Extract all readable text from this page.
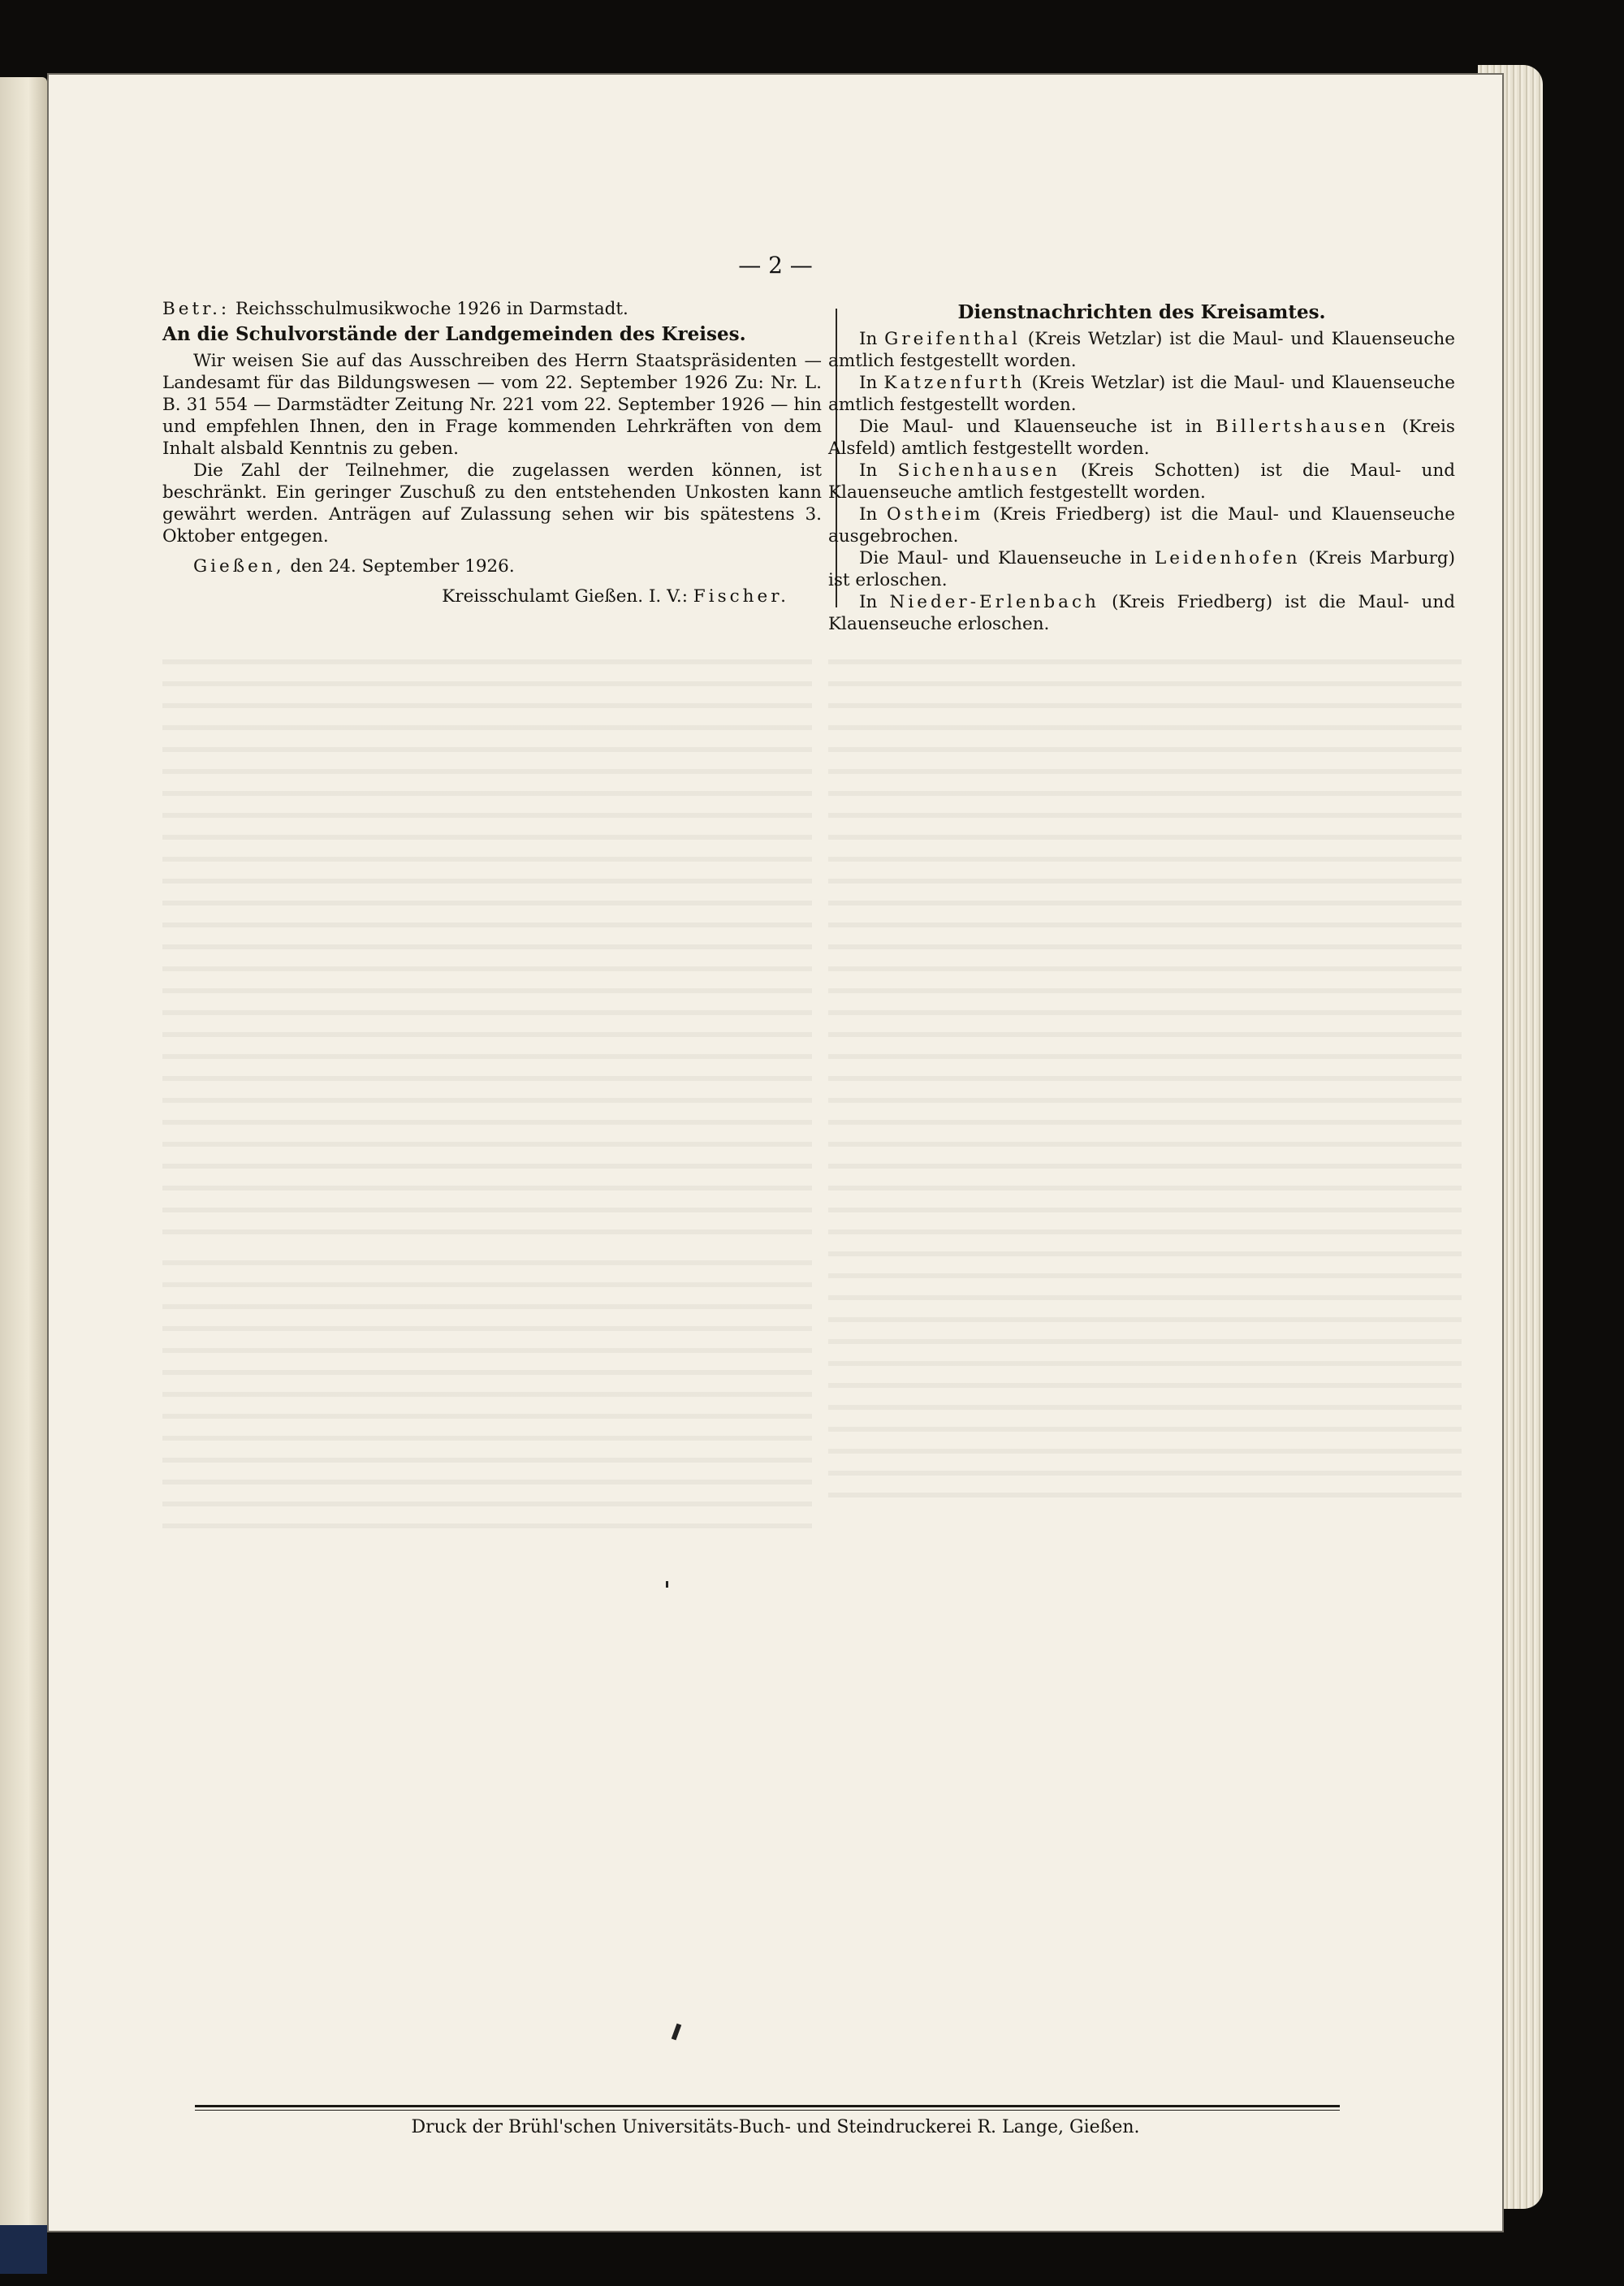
— 2 —

Betr.: Reichsschulmusikwoche 1926 in Darmstadt.

An die Schulvorstände der Landgemeinden des Kreises.

Wir weisen Sie auf das Ausschreiben des Herrn Staatspräsidenten — Landesamt für das Bildungswesen — vom 22. September 1926 Zu: Nr. L. B. 31 554 — Darmstädter Zeitung Nr. 221 vom 22. September 1926 — hin und empfehlen Ihnen, den in Frage kommenden Lehrkräften von dem Inhalt alsbald Kenntnis zu geben.

Die Zahl der Teilnehmer, die zugelassen werden können, ist beschränkt. Ein geringer Zuschuß zu den entstehenden Unkosten kann gewährt werden. Anträgen auf Zulassung sehen wir bis spätestens 3. Oktober entgegen.

Gießen, den 24. September 1926.

Kreisschulamt Gießen. I. V.: Fischer.

Dienstnachrichten des Kreisamtes.

In Greifenthal (Kreis Wetzlar) ist die Maul- und Klauenseuche amtlich festgestellt worden.

In Katzenfurth (Kreis Wetzlar) ist die Maul- und Klauenseuche amtlich festgestellt worden.

Die Maul- und Klauenseuche ist in Billertshausen (Kreis Alsfeld) amtlich festgestellt worden.

In Sichenhausen (Kreis Schotten) ist die Maul- und Klauenseuche amtlich festgestellt worden.

In Ostheim (Kreis Friedberg) ist die Maul- und Klauenseuche ausgebrochen.

Die Maul- und Klauenseuche in Leidenhofen (Kreis Marburg) ist erloschen.

In Nieder-Erlenbach (Kreis Friedberg) ist die Maul- und Klauenseuche erloschen.

Druck der Brühl'schen Universitäts-Buch- und Steindruckerei R. Lange, Gießen.
